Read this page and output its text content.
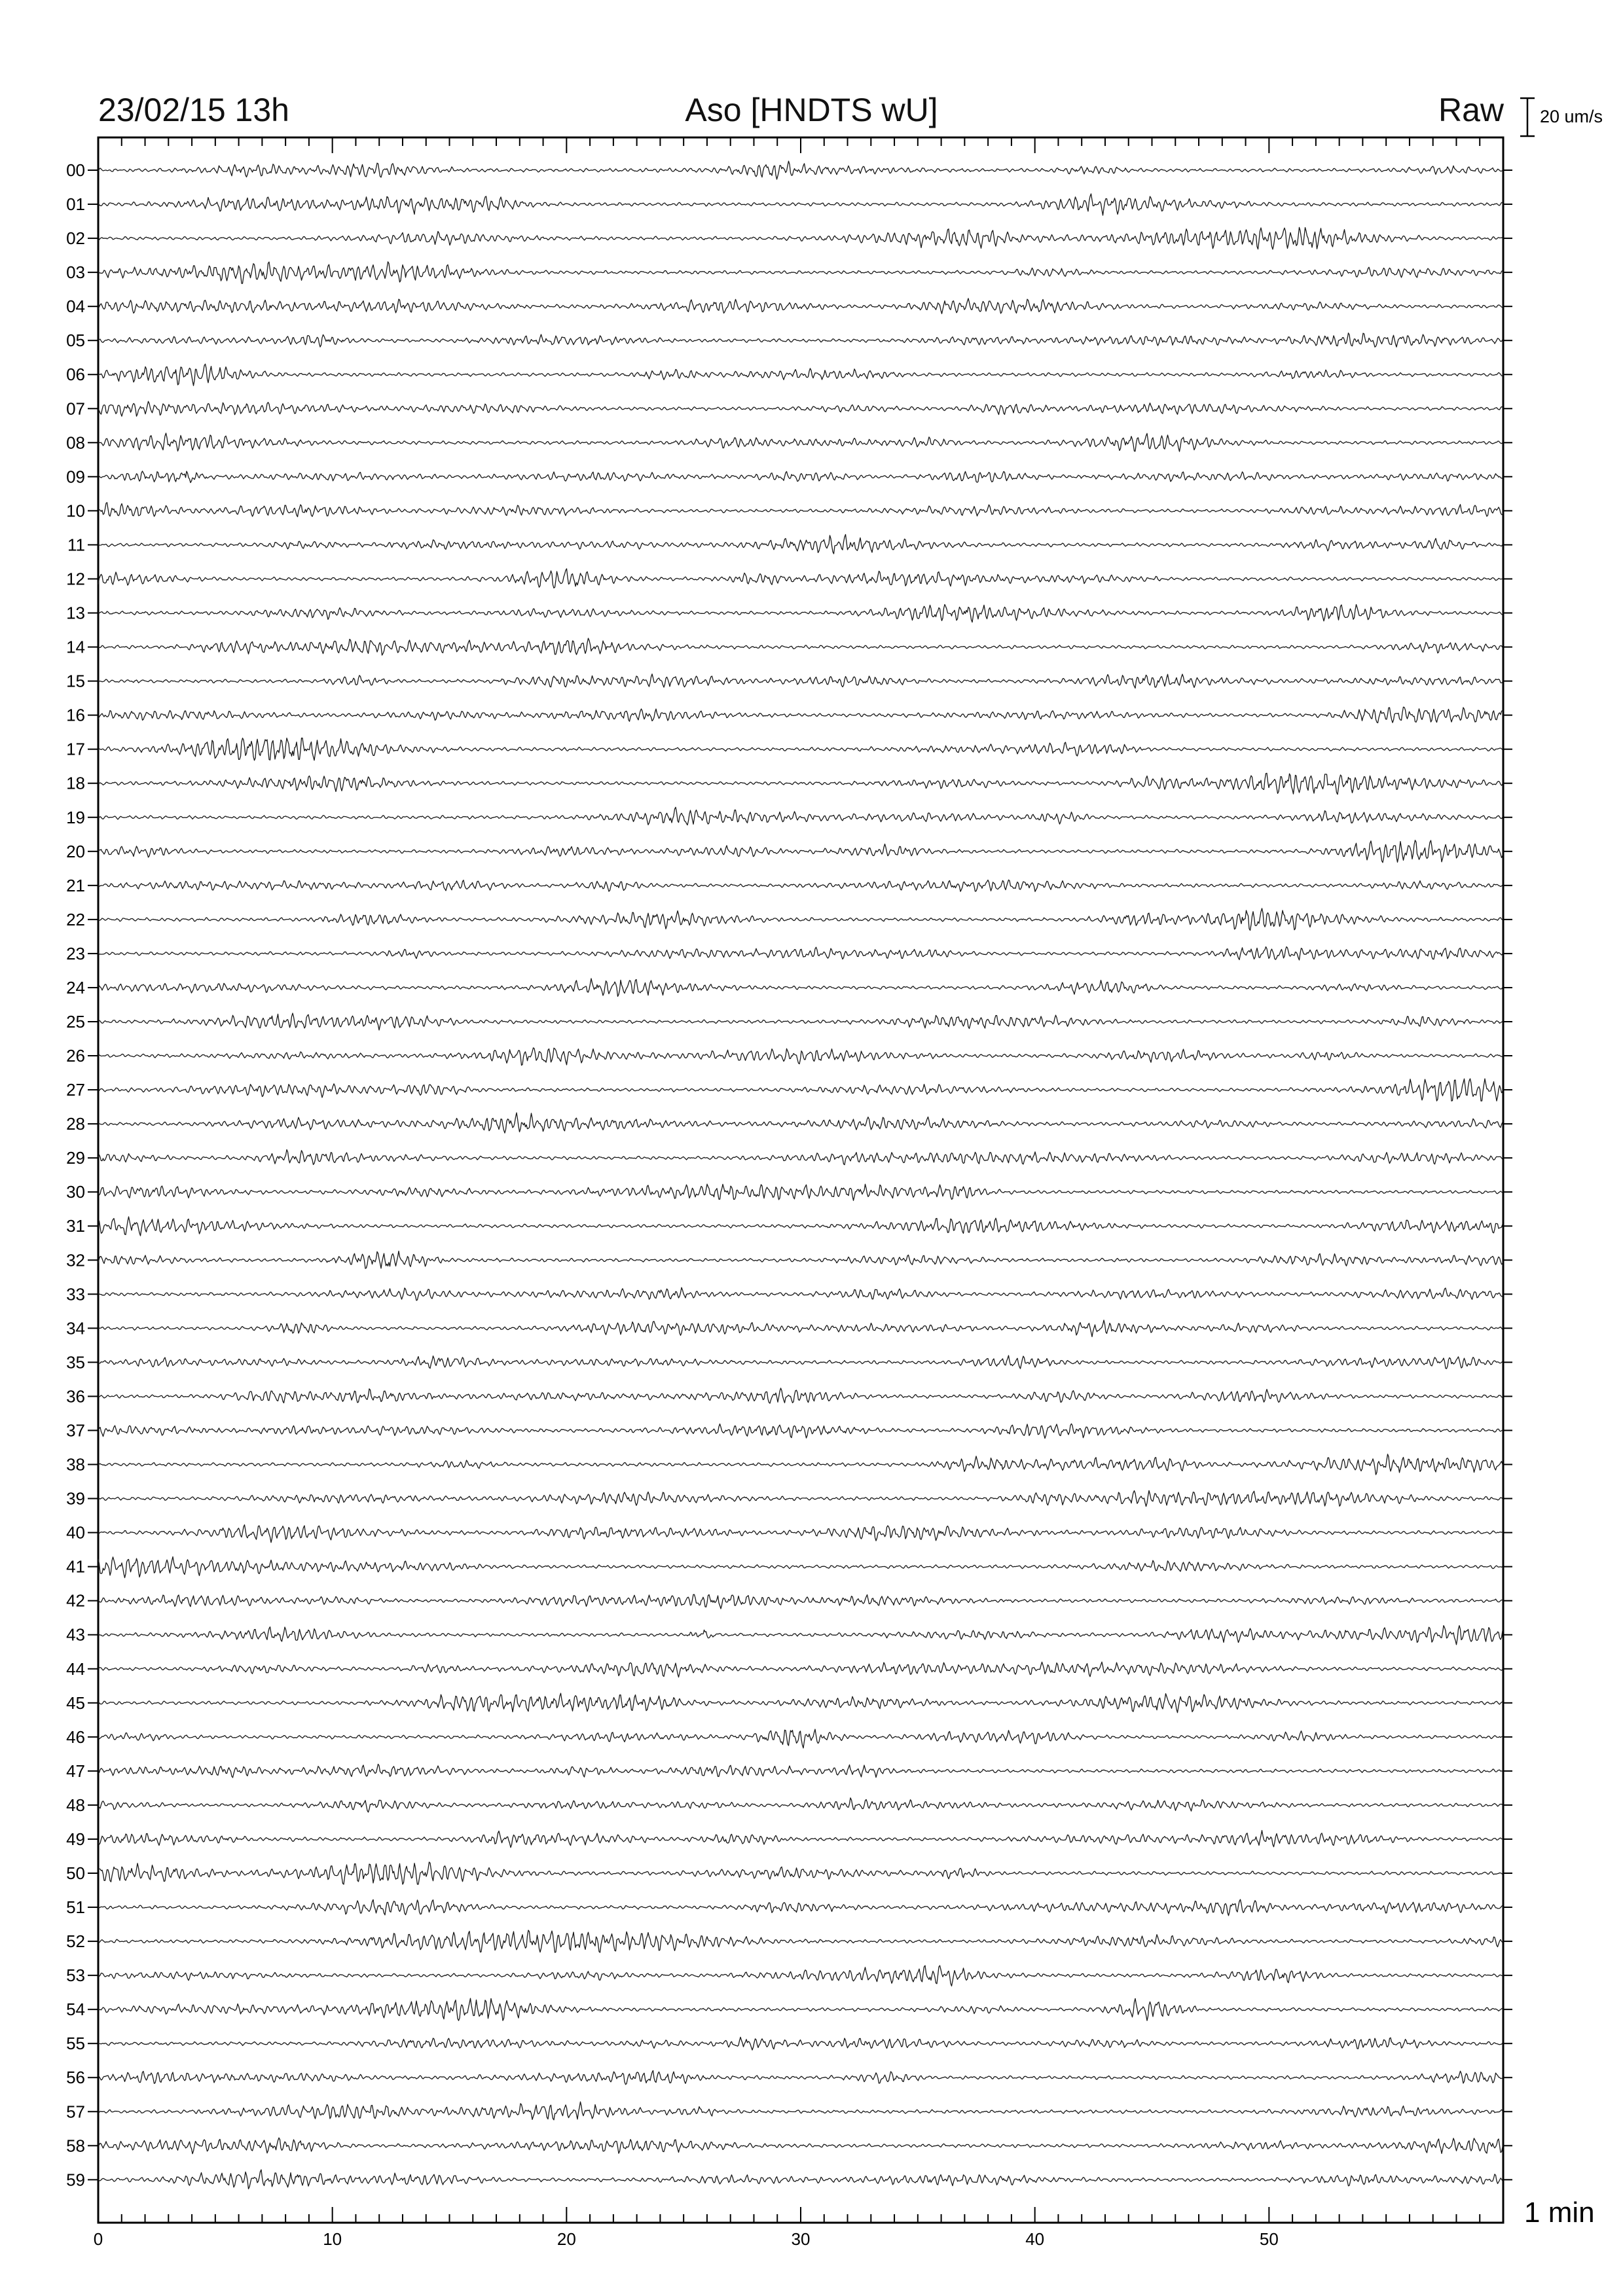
23/02/15 13h	Aso [HNDTS wU]	Raw 20 um/s
1 min
0	10	20	30	40	50
00
01
02
03
04
05
06
07
08
09
10
11
12
13
14
15
16
17
18
19
20
21
22
23
24
25
26
27
28
29
30
31
32
33
34
35
36
37
38
39
40
41
42
43
44
45
46
47
48
49
50
51
52
53
54
55
56
57
58
59
